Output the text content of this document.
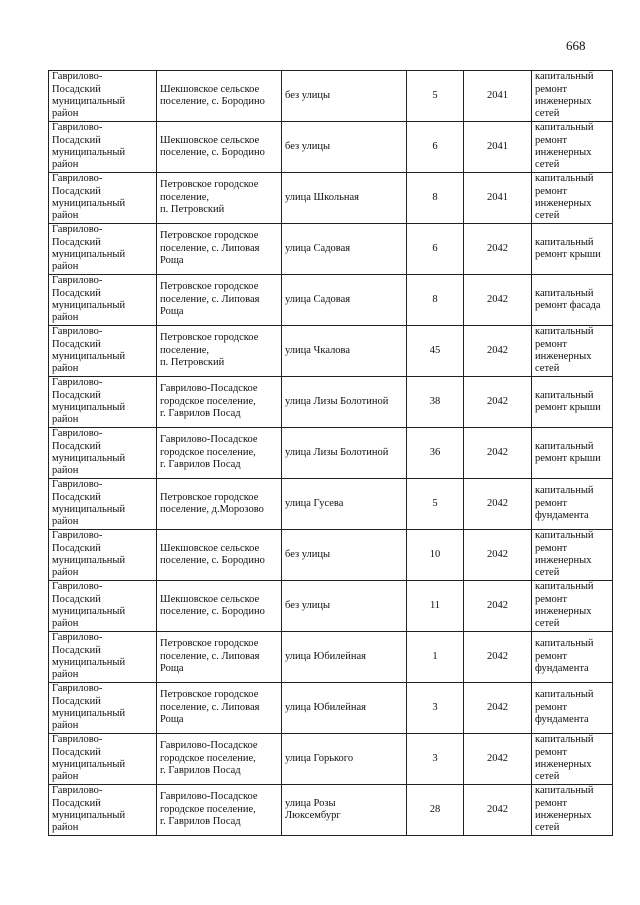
668
Гаврилово-
Посадский
муниципальный
район	Шекшовское сельское
поселение, с. Бородино	без улицы	5	2041	капитальный
ремонт
инженерных
сетей

Гаврилово-
Посадский
муниципальный
район	Шекшовское сельское
поселение, с. Бородино	без улицы	6	2041	капитальный
ремонт
инженерных
сетей

Гаврилово-
Посадский
муниципальный
район	Петровское городское
поселение,
п. Петровский	улица Школьная	8	2041	капитальный
ремонт
инженерных
сетей

Гаврилово-
Посадский
муниципальный
район	Петровское городское
поселение, с. Липовая
Роща	улица Садовая	6	2042	капитальный
ремонт крыши

Гаврилово-
Посадский
муниципальный
район	Петровское городское
поселение, с. Липовая
Роща	улица Садовая	8	2042	капитальный
ремонт фасада

Гаврилово-
Посадский
муниципальный
район	Петровское городское
поселение,
п. Петровский	улица Чкалова	45	2042	капитальный
ремонт
инженерных
сетей

Гаврилово-
Посадский
муниципальный
район	Гаврилово-Посадское
городское поселение,
г. Гаврилов Посад	улица Лизы Болотиной	38	2042	капитальный
ремонт крыши

Гаврилово-
Посадский
муниципальный
район	Гаврилово-Посадское
городское поселение,
г. Гаврилов Посад	улица Лизы Болотиной	36	2042	капитальный
ремонт крыши

Гаврилово-
Посадский
муниципальный
район	Петровское городское
поселение, д.Морозово	улица Гусева	5	2042	капитальный
ремонт
фундамента

Гаврилово-
Посадский
муниципальный
район	Шекшовское сельское
поселение, с. Бородино	без улицы	10	2042	капитальный
ремонт
инженерных
сетей

Гаврилово-
Посадский
муниципальный
район	Шекшовское сельское
поселение, с. Бородино	без улицы	11	2042	капитальный
ремонт
инженерных
сетей

Гаврилово-
Посадский
муниципальный
район	Петровское городское
поселение, с. Липовая
Роща	улица Юбилейная	1	2042	капитальный
ремонт
фундамента

Гаврилово-
Посадский
муниципальный
район	Петровское городское
поселение, с. Липовая
Роща	улица Юбилейная	3	2042	капитальный
ремонт
фундамента

Гаврилово-
Посадский
муниципальный
район	Гаврилово-Посадское
городское поселение,
г. Гаврилов Посад	улица Горького	3	2042	капитальный
ремонт
инженерных
сетей

Гаврилово-
Посадский
муниципальный
район	Гаврилово-Посадское
городское поселение,
г. Гаврилов Посад	улица Розы
Люксембург	28	2042	капитальный
ремонт
инженерных
сетей
